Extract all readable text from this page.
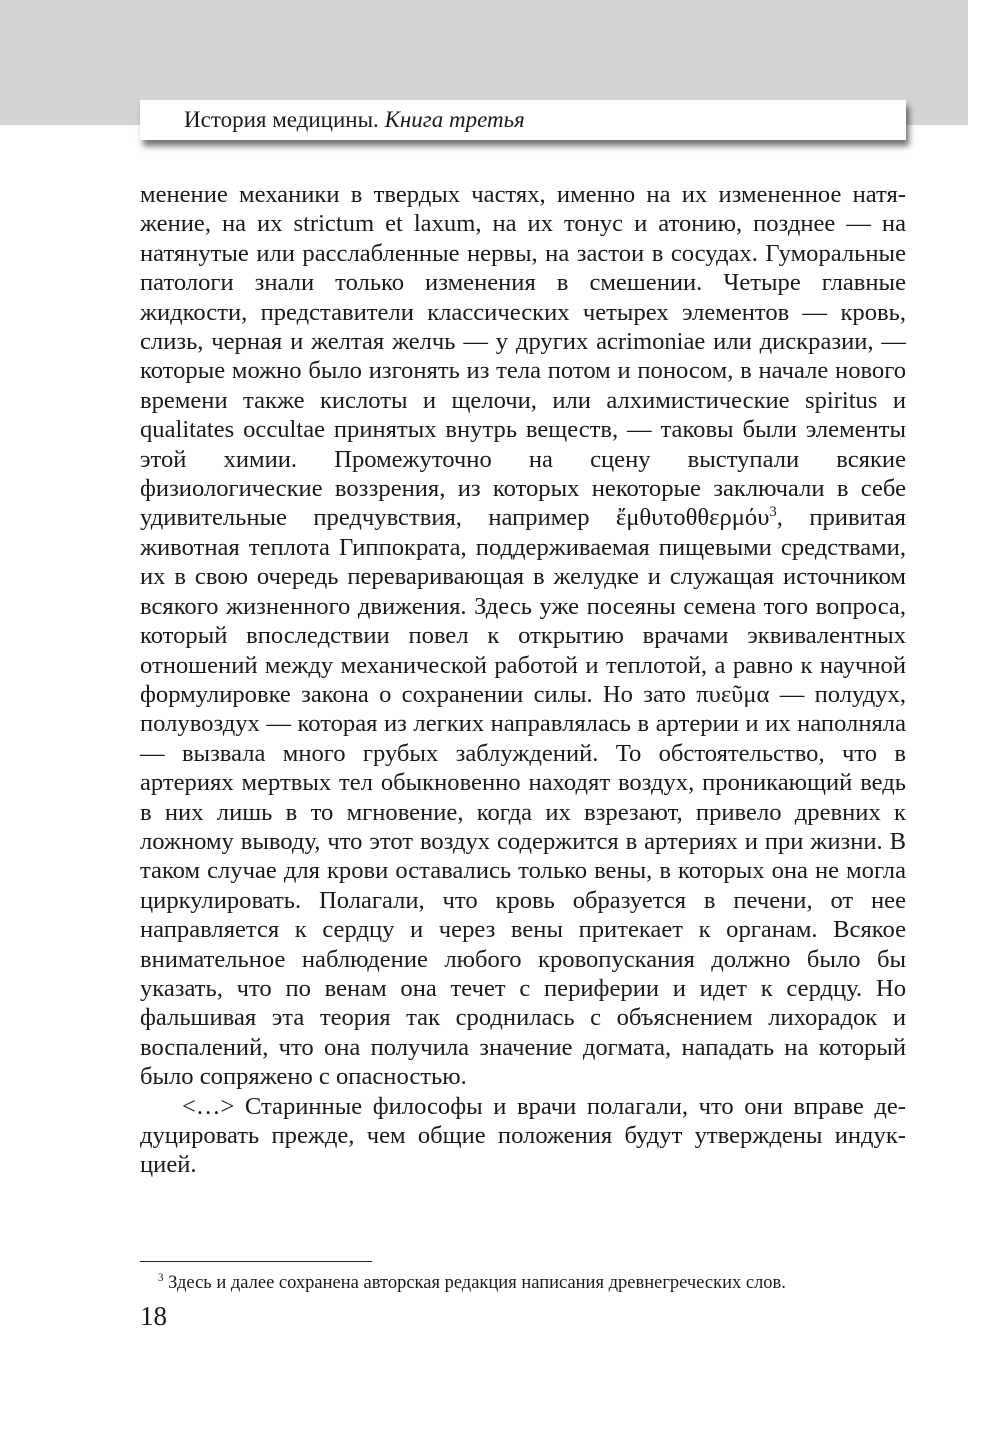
История медицины. Книга третья

менение механики в твердых частях, именно на их измененное натяжение, на их strictum et laxum, на их тонус и атонию, позднее — на натянутые или расслабленные нервы, на застои в сосудах. Гуморальные патологи знали только изменения в смешении. Четыре главные жидкости, представители классических четырех элементов — кровь, слизь, черная и желтая желчь — у других acrimoniae или дискразии, — которые можно было изгонять из тела потом и поносом, в начале нового времени также кислоты и щелочи, или алхимистические spiritus и qualitates occultae принятых внутрь веществ, — таковы были элементы этой химии. Промежуточно на сцену выступали всякие физиологические воззрения, из которых некоторые заключали в себе удивительные предчувствия, например ἔμθυτοθθερμόυ$^3$, привитая животная теплота Гиппократа, поддерживаемая пищевыми средствами, их в свою очередь переваривающая в желудке и служащая источником всякого жизненного движения. Здесь уже посеяны семена того вопроса, который впоследствии повел к открытию врачами эквивалентных отношений между механической работой и теплотой, а равно к научной формулировке закона о сохранении силы. Но зато πυεῦμα — полудух, полувоздух — которая из легких направлялась в артерии и их наполняла — вызвала много грубых заблуждений. То обстоятельство, что в артериях мертвых тел обыкновенно находят воздух, проникающий ведь в них лишь в то мгновение, когда их взрезают, привело древних к ложному выводу, что этот воздух содержится в артериях и при жизни. В таком случае для крови оставались только вены, в которых она не могла циркулировать. Полагали, что кровь образуется в печени, от нее направляется к сердцу и через вены притекает к органам. Всякое внимательное наблюдение любого кровопускания должно было бы указать, что по венам она течет с периферии и идет к сердцу. Но фальшивая эта теория так сроднилась с объяснением лихорадок и воспалений, что она получила значение догмата, нападать на который было сопряжено с опасностью.

<…> Старинные философы и врачи полагали, что они вправе дедуцировать прежде, чем общие положения будут утверждены индукцией.

$^3$ Здесь и далее сохранена авторская редакция написания древнегреческих слов.
18
